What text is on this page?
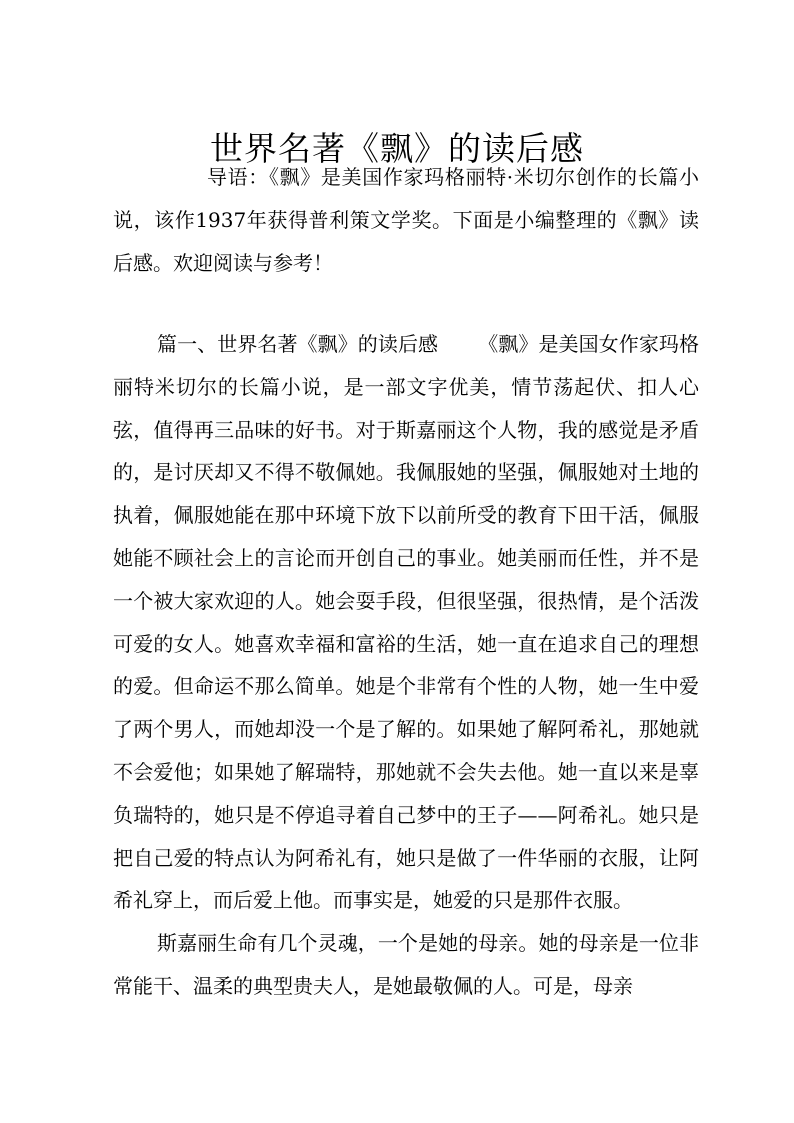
世界名著《飘》的读后感

导语：《飘》是美国作家玛格丽特·米切尔创作的长篇小说，该作1937年获得普利策文学奖。下面是小编整理的《飘》读后感。欢迎阅读与参考！

篇一、世界名著《飘》的读后感 《飘》是美国女作家玛格丽特米切尔的长篇小说，是一部文字优美，情节荡起伏、扣人心弦，值得再三品味的好书。对于斯嘉丽这个人物，我的感觉是矛盾的，是讨厌却又不得不敬佩她。我佩服她的坚强，佩服她对土地的执着，佩服她能在那中环境下放下以前所受的教育下田干活，佩服她能不顾社会上的言论而开创自己的事业。她美丽而任性，并不是一个被大家欢迎的人。她会耍手段，但很坚强，很热情，是个活泼可爱的女人。她喜欢幸福和富裕的生活，她一直在追求自己的理想的爱。但命运不那么简单。她是个非常有个性的人物，她一生中爱了两个男人，而她却没一个是了解的。如果她了解阿希礼，那她就不会爱他；如果她了解瑞特，那她就不会失去他。她一直以来是辜负瑞特的，她只是不停追寻着自己梦中的王子——阿希礼。她只是把自己爱的特点认为阿希礼有，她只是做了一件华丽的衣服，让阿希礼穿上，而后爱上他。而事实是，她爱的只是那件衣服。

斯嘉丽生命有几个灵魂，一个是她的母亲。她的母亲是一位非常能干、温柔的典型贵夫人，是她最敬佩的人。可是，母亲
